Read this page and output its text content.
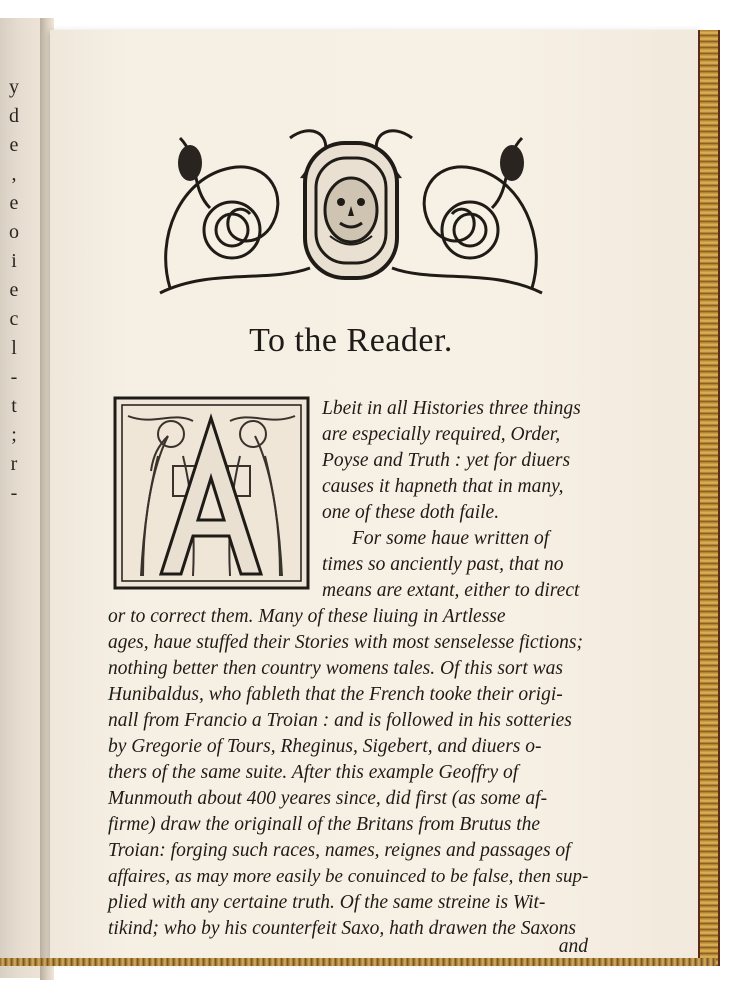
y
d
e
,
e
o
i
e
c
l
-
t
;
r
-
To the Reader.
Lbeit in all Histories three things
are especially required, Order,
Poyse and Truth : yet for diuers
causes it hapneth that in many,
one of these doth faile.
For some haue written of
times so anciently past, that no
means are extant, either to direct
or to correct them. Many of these liuing in Artlesse
ages, haue stuffed their Stories with most senselesse fictions;
nothing better then country womens tales. Of this sort was
Hunibaldus, who fableth that the French tooke their origi-
nall from Francio a Troian : and is followed in his sotteries
by Gregorie of Tours, Rheginus, Sigebert, and diuers o-
thers of the same suite. After this example Geoffry of
Munmouth about 400 yeares since, did first (as some af-
firme) draw the originall of the Britans from Brutus the
Troian: forging such races, names, reignes and passages of
affaires, as may more easily be conuinced to be false, then sup-
plied with any certaine truth. Of the same streine is Wit-
tikind; who by his counterfeit Saxo, hath drawen the Saxons
and
